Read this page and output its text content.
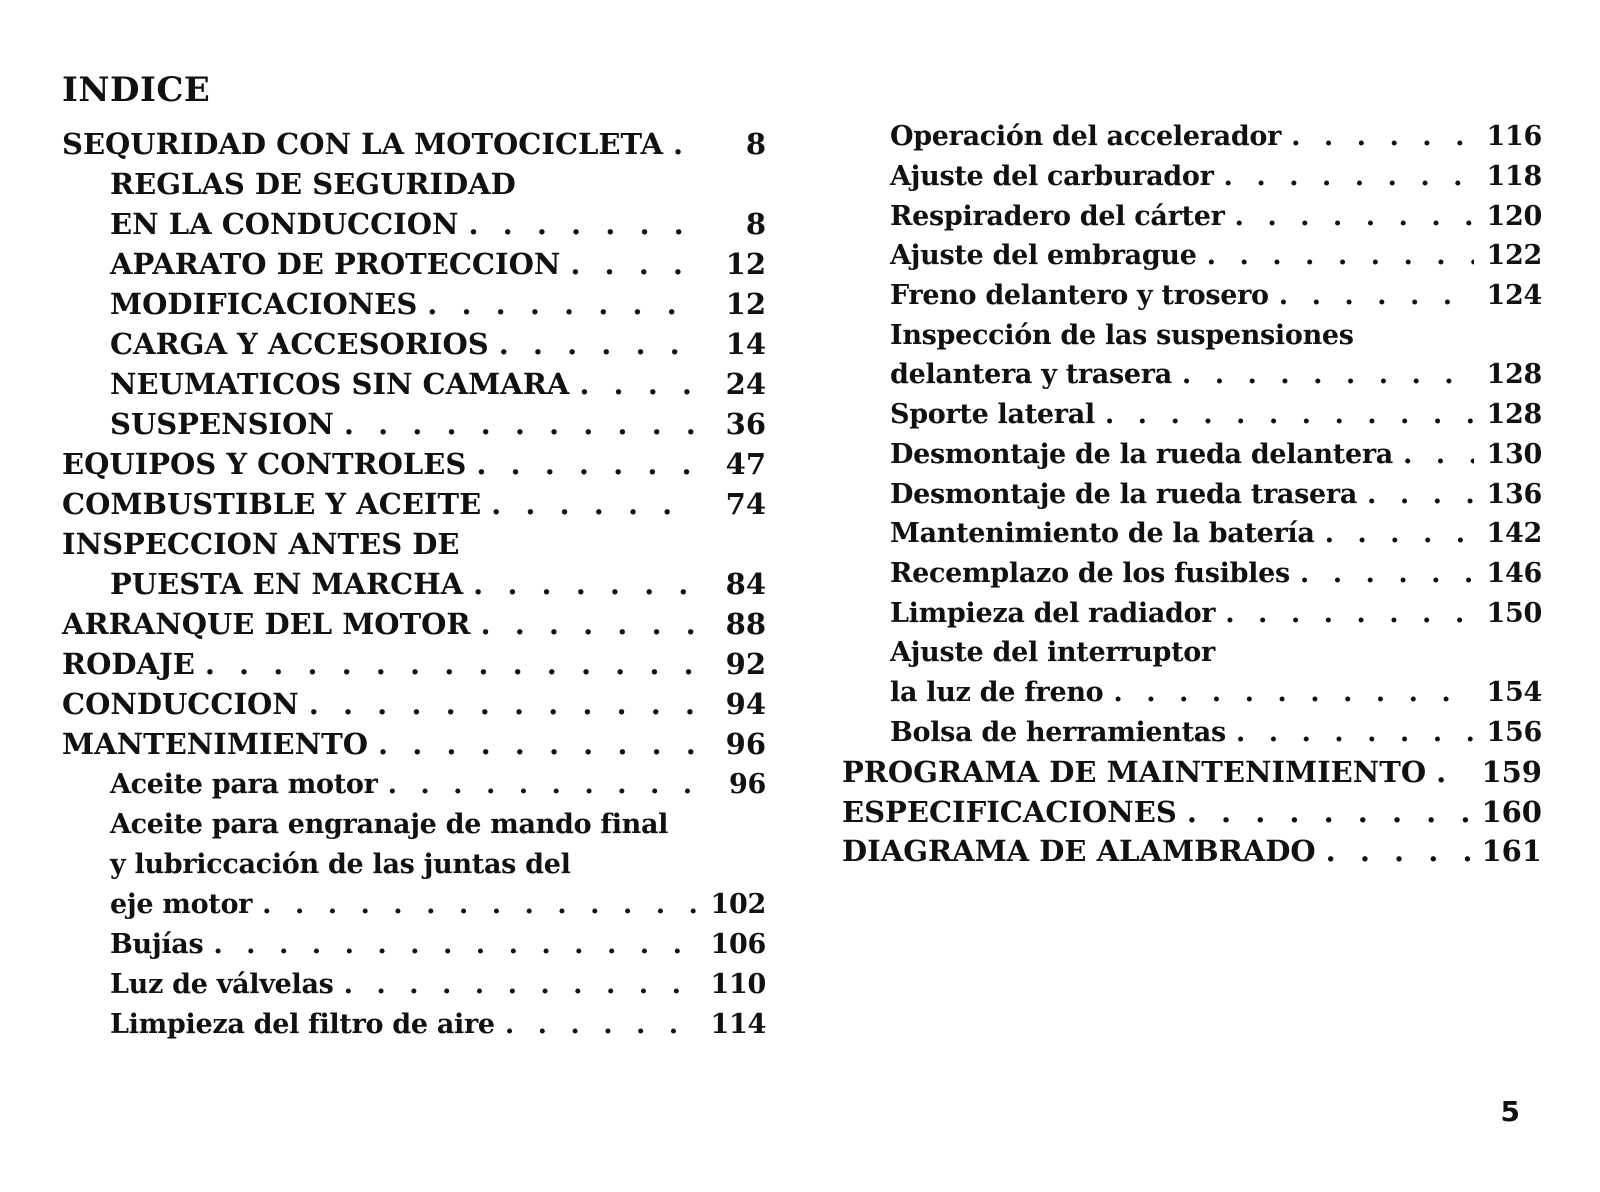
INDICE
SEQURIDAD CON LA MOTOCICLETA . . .	8
REGLAS DE SEGURIDAD
EN LA CONDUCCION . . .	8
APARATO DE PROTECCION . . .	12
MODIFICACIONES . . .	12
CARGA Y ACCESORIOS . . .	14
NEUMATICOS SIN CAMARA . . .	24
SUSPENSION . . .	36
EQUIPOS Y CONTROLES . . .	47
COMBUSTIBLE Y ACEITE . . .	74
INSPECCION ANTES DE
PUESTA EN MARCHA . . .	84
ARRANQUE DEL MOTOR . . .	88
RODAJE . . .	92
CONDUCCION . . .	94
MANTENIMIENTO . . .	96
Aceite para motor . . .	96
Aceite para engranaje de mando final
y lubriccación de las juntas del
eje motor . . .	102
Bujías . . .	106
Luz de válvelas . . .	110
Limpieza del filtro de aire . . .	114
Operación del accelerador . . .	116
Ajuste del carburador . . .	118
Respiradero del cárter . . .	120
Ajuste del embrague . . .	122
Freno delantero y trosero . . .	124
Inspección de las suspensiones
delantera y trasera . . .	128
Sporte lateral . . .	128
Desmontaje de la rueda delantera . . .	130
Desmontaje de la rueda trasera . . .	136
Mantenimiento de la batería . . .	142
Recemplazo de los fusibles . . .	146
Limpieza del radiador . . .	150
Ajuste del interruptor
la luz de freno . . .	154
Bolsa de herramientas . . .	156
PROGRAMA DE MAINTENIMIENTO . . . 159
ESPECIFICACIONES . . .	160
DIAGRAMA DE ALAMBRADO . . .	161
5
